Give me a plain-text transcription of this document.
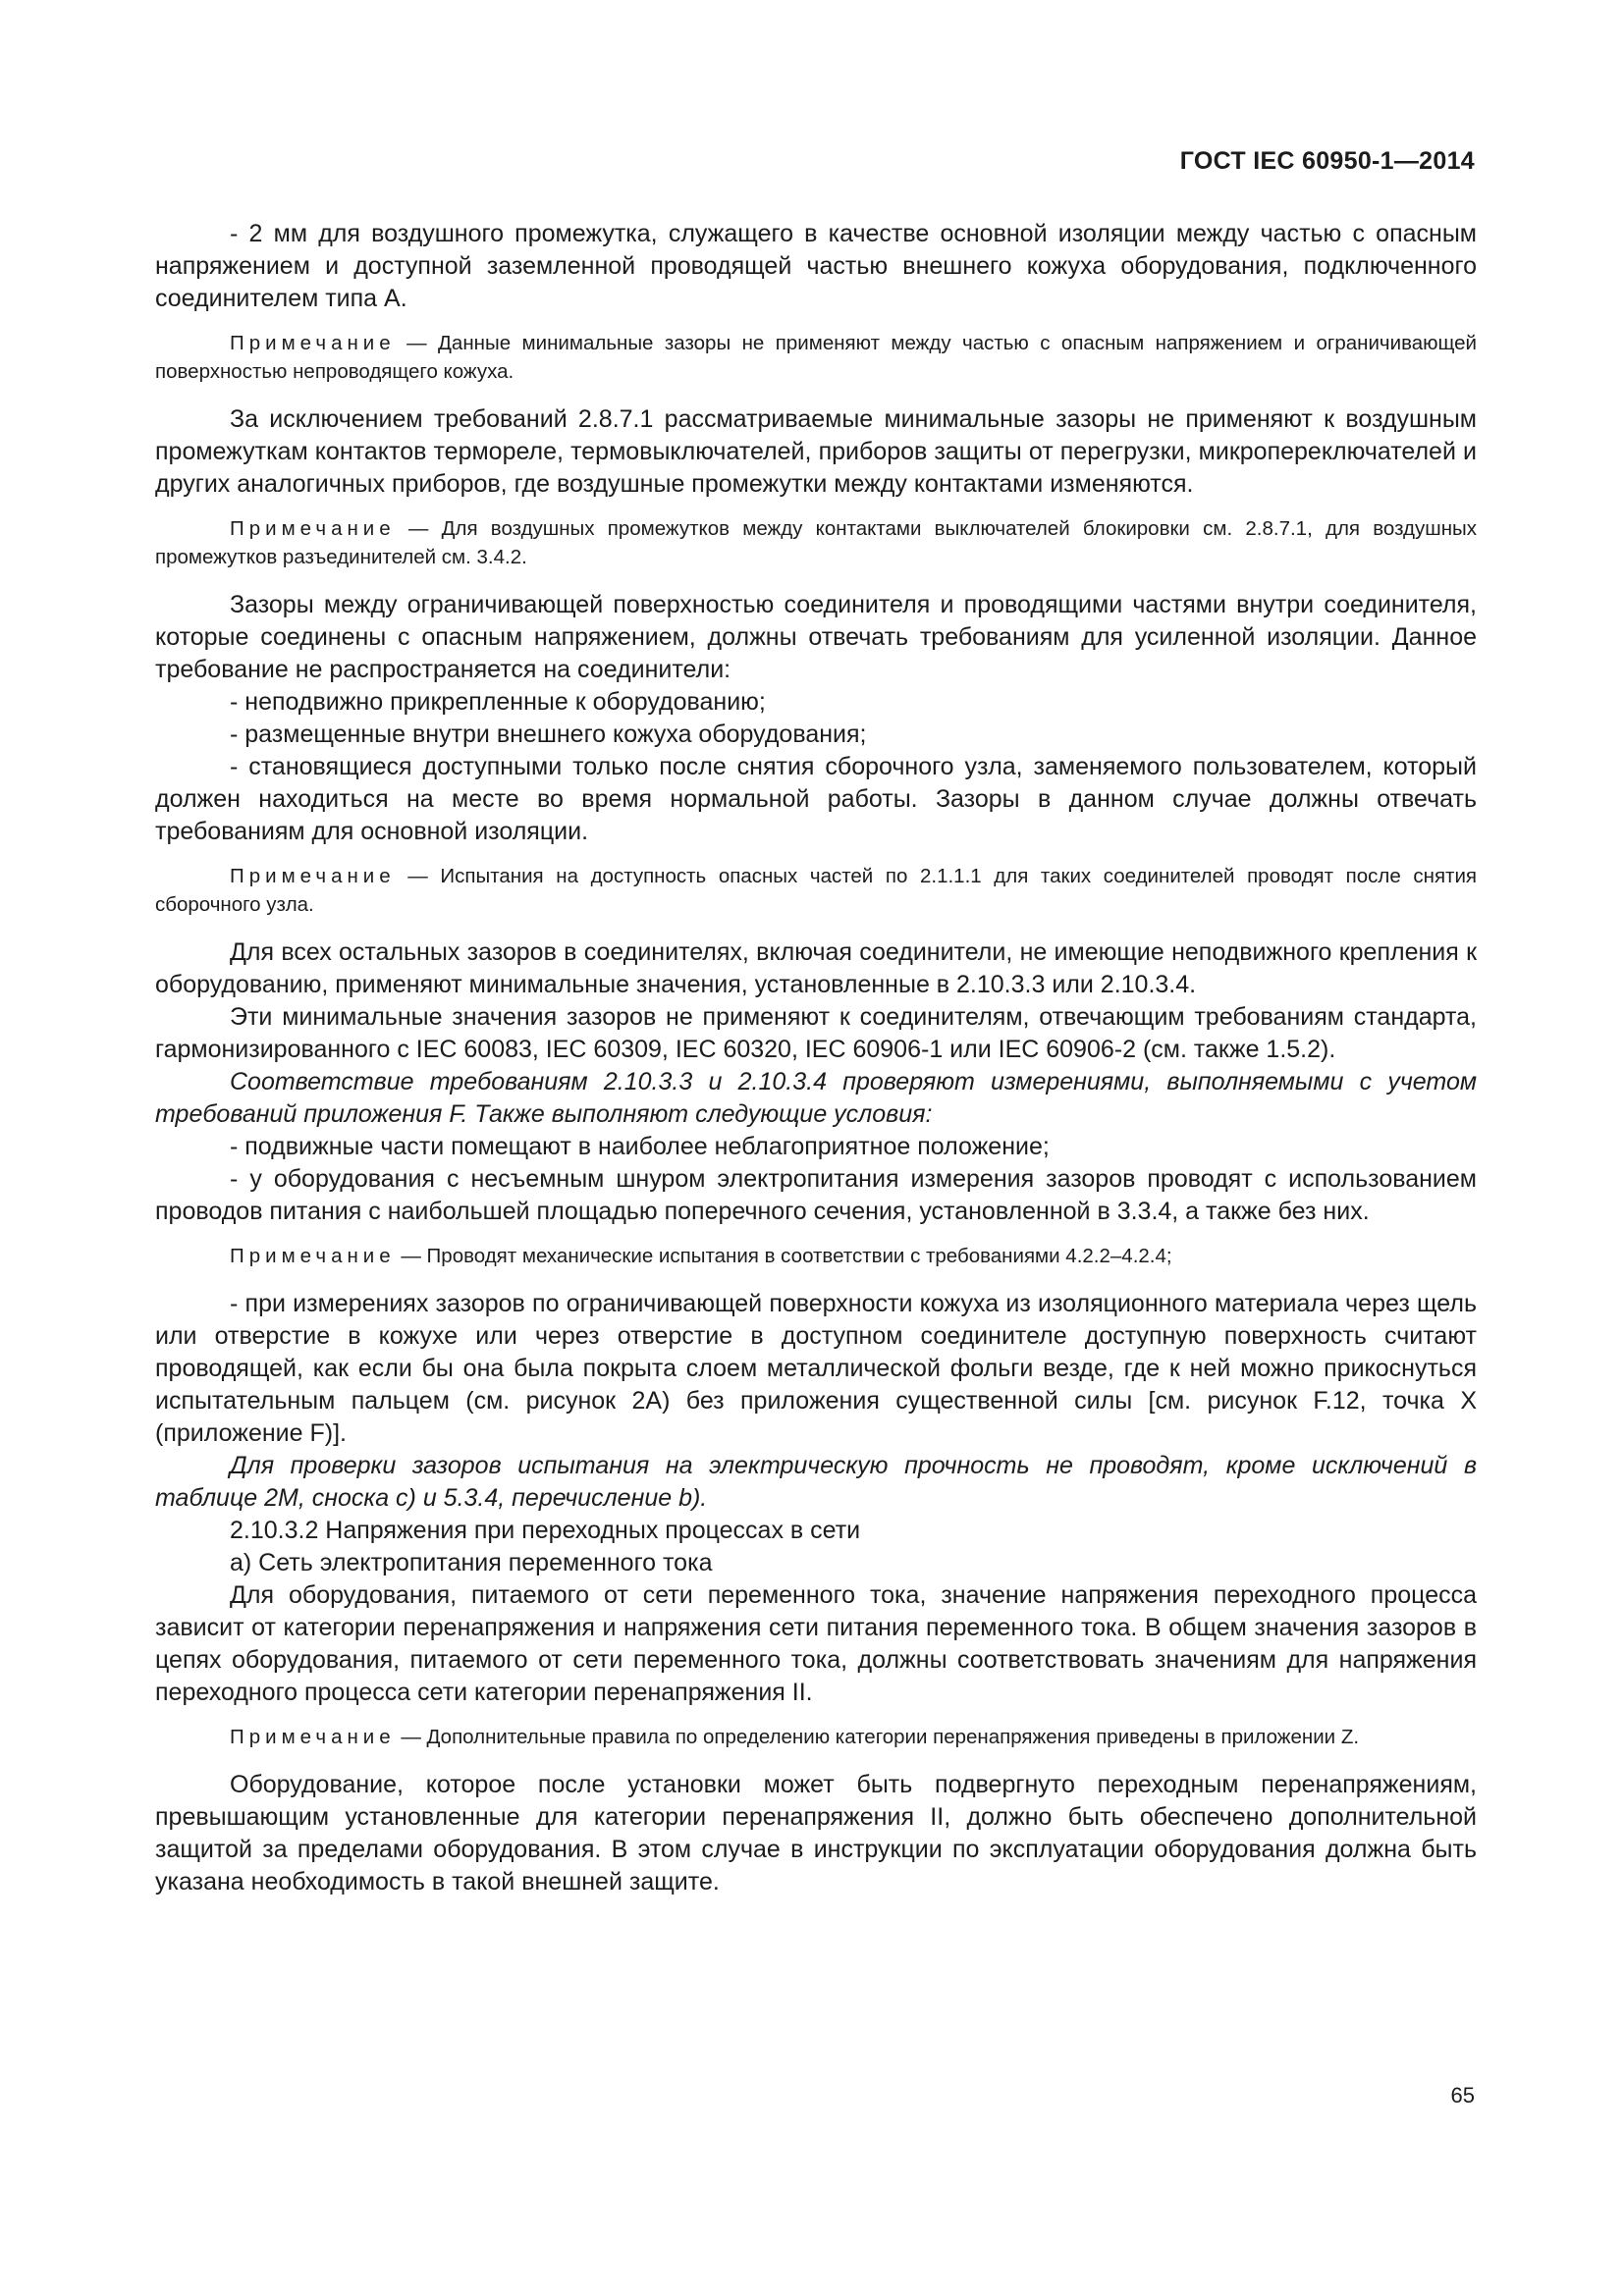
ГОСТ IEC 60950-1—2014

- 2 мм для воздушного промежутка, служащего в качестве основной изоляции между частью с опасным напряжением и доступной заземленной проводящей частью внешнего кожуха оборудования, подключенного соединителем типа А.

Примечание — Данные минимальные зазоры не применяют между частью с опасным напряжением и ограничивающей поверхностью непроводящего кожуха.

За исключением требований 2.8.7.1 рассматриваемые минимальные зазоры не применяют к воздушным промежуткам контактов термореле, термовыключателей, приборов защиты от перегрузки, микропереключателей и других аналогичных приборов, где воздушные промежутки между контактами изменяются.

Примечание — Для воздушных промежутков между контактами выключателей блокировки см. 2.8.7.1, для воздушных промежутков разъединителей см. 3.4.2.

Зазоры между ограничивающей поверхностью соединителя и проводящими частями внутри соединителя, которые соединены с опасным напряжением, должны отвечать требованиям для усиленной изоляции. Данное требование не распространяется на соединители:

- неподвижно прикрепленные к оборудованию;

- размещенные внутри внешнего кожуха оборудования;

- становящиеся доступными только после снятия сборочного узла, заменяемого пользователем, который должен находиться на месте во время нормальной работы. Зазоры в данном случае должны отвечать требованиям для основной изоляции.

Примечание — Испытания на доступность опасных частей по 2.1.1.1 для таких соединителей проводят после снятия сборочного узла.

Для всех остальных зазоров в соединителях, включая соединители, не имеющие неподвижного крепления к оборудованию, применяют минимальные значения, установленные в 2.10.3.3 или 2.10.3.4.

Эти минимальные значения зазоров не применяют к соединителям, отвечающим требованиям стандарта, гармонизированного с IEC 60083, IEC 60309, IEC 60320, IEC 60906-1 или IEC 60906-2 (см. также 1.5.2).

Соответствие требованиям 2.10.3.3 и 2.10.3.4 проверяют измерениями, выполняемыми с учетом требований приложения F. Также выполняют следующие условия:

- подвижные части помещают в наиболее неблагоприятное положение;

- у оборудования с несъемным шнуром электропитания измерения зазоров проводят с использованием проводов питания с наибольшей площадью поперечного сечения, установленной в 3.3.4, а также без них.

Примечание — Проводят механические испытания в соответствии с требованиями 4.2.2–4.2.4;

- при измерениях зазоров по ограничивающей поверхности кожуха из изоляционного материала через щель или отверстие в кожухе или через отверстие в доступном соединителе доступную поверхность считают проводящей, как если бы она была покрыта слоем металлической фольги везде, где к ней можно прикоснуться испытательным пальцем (см. рисунок 2A) без приложения существенной силы [см. рисунок F.12, точка X (приложение F)].

Для проверки зазоров испытания на электрическую прочность не проводят, кроме исключений в таблице 2M, сноска с) и 5.3.4, перечисление b).

2.10.3.2 Напряжения при переходных процессах в сети

а) Сеть электропитания переменного тока

Для оборудования, питаемого от сети переменного тока, значение напряжения переходного процесса зависит от категории перенапряжения и напряжения сети питания переменного тока. В общем значения зазоров в цепях оборудования, питаемого от сети переменного тока, должны соответствовать значениям для напряжения переходного процесса сети категории перенапряжения II.

Примечание — Дополнительные правила по определению категории перенапряжения приведены в приложении Z.

Оборудование, которое после установки может быть подвергнуто переходным перенапряжениям, превышающим установленные для категории перенапряжения II, должно быть обеспечено дополнительной защитой за пределами оборудования. В этом случае в инструкции по эксплуатации оборудования должна быть указана необходимость в такой внешней защите.

65
